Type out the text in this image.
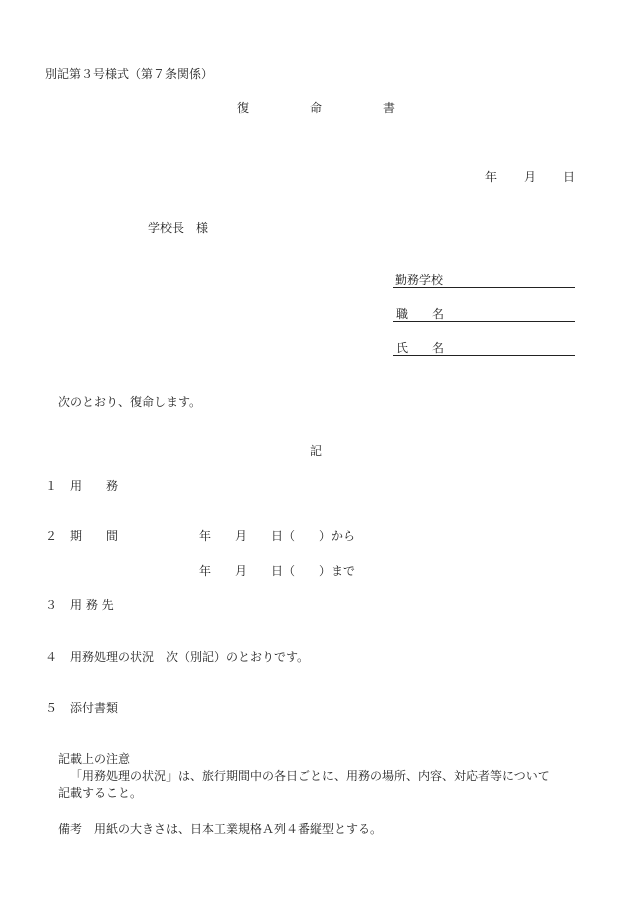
別記第３号様式（第７条関係）
復	命	書
年 月 日
学校長　様
勤務学校
職　　名
氏　　名
次のとおり、復命します。
記
１ 用　　務
２ 期　　間	年　　月　　日（　　）から
年　　月　　日（　　）まで
３ 用 務 先
４ 用務処理の状況　次（別記）のとおりです。
５ 添付書類
記載上の注意
「用務処理の状況」は、旅行期間中の各日ごとに、用務の場所、内容、対応者等について
記載すること。
備考　用紙の大きさは、日本工業規格Ａ列４番縦型とする。
